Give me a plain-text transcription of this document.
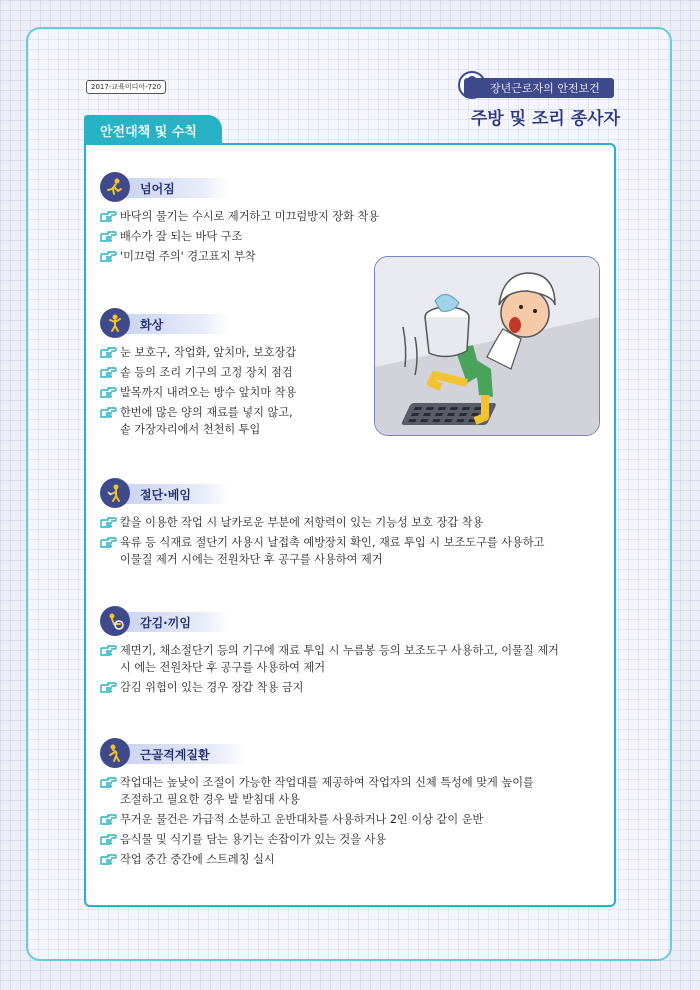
2017-교육미디어-720	장년근로자의 안전보건
주방 및 조리 종사자
안전대책 및 수칙
넘어짐
바닥의 물기는 수시로 제거하고 미끄럼방지 장화 착용
배수가 잘 되는 바닥 구조
'미끄럼 주의' 경고표지 부착
화상
눈 보호구, 작업화, 앞치마, 보호장갑
솥 등의 조리 기구의 고정 장치 점검
발목까지 내려오는 방수 앞치마 착용
한번에 많은 양의 재료를 넣지 않고,
솥 가장자리에서 천천히 투입
절단·베임
칼을 이용한 작업 시 날카로운 부분에 저항력이 있는 기능성 보호 장갑 착용
육류 등 식재료 절단기 사용시 날접촉 예방장치 확인, 재료 투입 시 보조도구를 사용하고
이물질 제거 시에는 전원차단 후 공구를 사용하여 제거
감김·끼임
제면기, 채소절단기 등의 기구에 재료 투입 시 누름봉 등의 보조도구 사용하고, 이물질 제거
시 에는 전원차단 후 공구를 사용하여 제거
감김 위험이 있는 경우 장갑 착용 금지
근골격계질환
작업대는 높낮이 조절이 가능한 작업대를 제공하여 작업자의 신체 특성에 맞게 높이를
조절하고 필요한 경우 발 받침대 사용
무거운 물건은 가급적 소분하고 운반대차를 사용하거나 2인 이상 같이 운반
음식물 및 식기를 담는 용기는 손잡이가 있는 것을 사용
작업 중간 중간에 스트레칭 실시
